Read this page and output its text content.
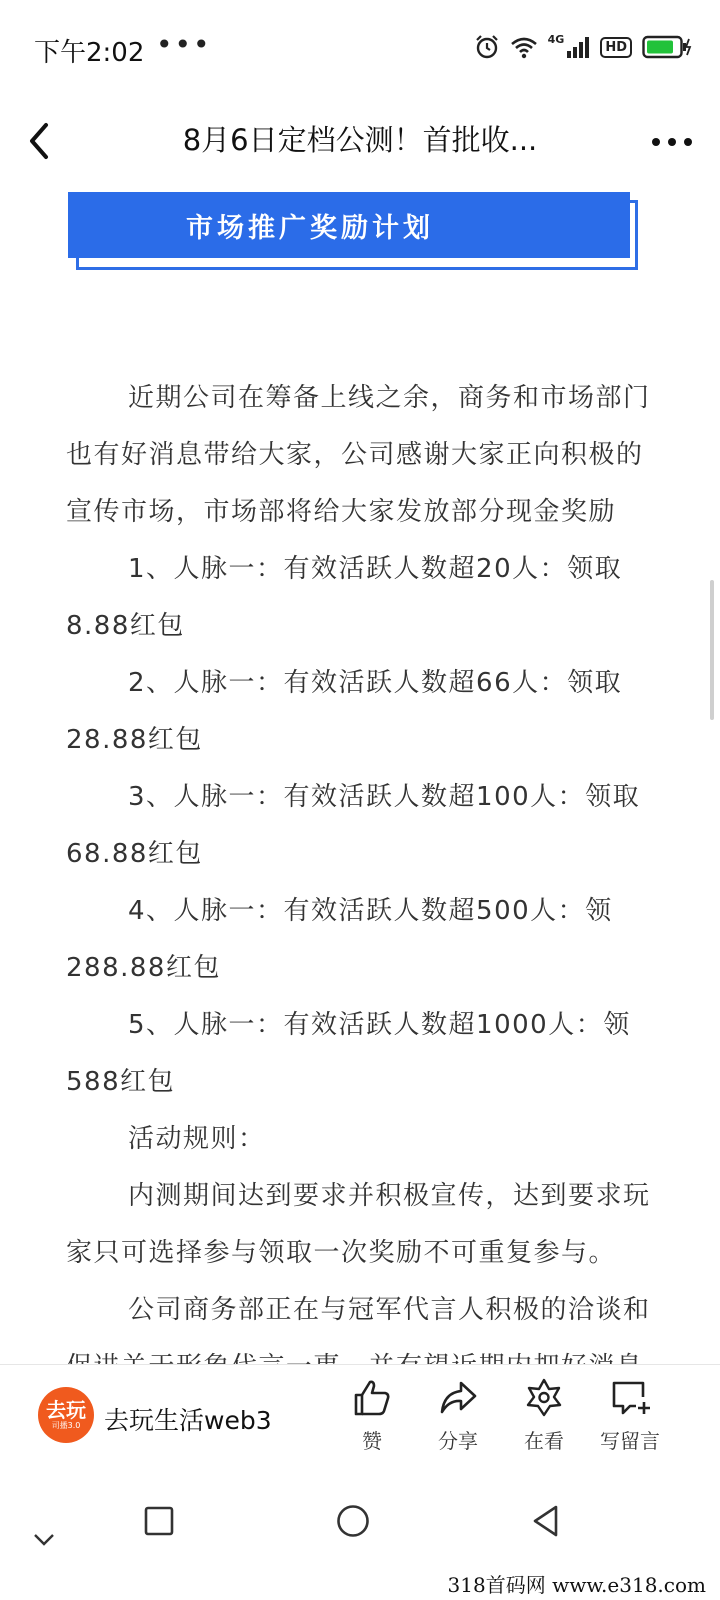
下午2:02 •••	4G
HD
8月6日定档公测！首批收...
市场推广奖励计划

近期公司在筹备上线之余，商务和市场部门也有好消息带给大家，公司感谢大家正向积极的宣传市场，市场部将给大家发放部分现金奖励

1、人脉一：有效活跃人数超20人：领取8.88红包

2、人脉一：有效活跃人数超66人：领取28.88红包

3、人脉一：有效活跃人数超100人：领取68.88红包

4、人脉一：有效活跃人数超500人：领288.88红包

5、人脉一：有效活跃人数超1000人：领588红包

活动规则：

内测期间达到要求并积极宣传，达到要求玩家只可选择参与领取一次奖励不可重复参与。

公司商务部正在与冠军代言人积极的洽谈和

去玩
司播3.0 去玩生活web3
赞	分享	在看	写留言
318首码网 www.e318.com
